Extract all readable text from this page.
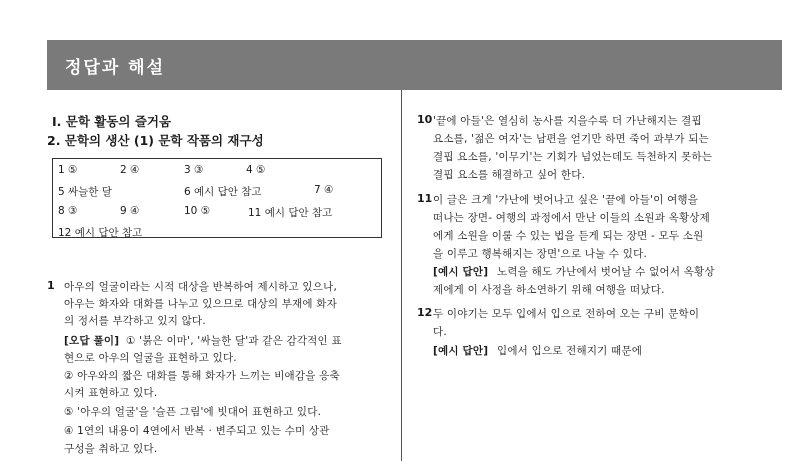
정답과 해설
Ⅰ. 문학 활동의 즐거움
2. 문학의 생산 (1) 문학 작품의 재구성
1 ⑤	2 ④	3 ③	4 ⑤
5 싸늘한 달	6 예시 답안 참고	7 ④
8 ③	9 ④	10 ⑤	11 예시 답안 참고
12 예시 답안 참고
1 아우의 얼굴이라는 시적 대상을 반복하여 제시하고 있으나,
아우는 화자와 대화를 나누고 있으므로 대상의 부재에 화자
의 정서를 부각하고 있지 않다.
[오답 풀이] ① '붉은 이마', '싸늘한 달'과 같은 감각적인 표
현으로 아우의 얼굴을 표현하고 있다.
② 아우와의 짧은 대화를 통해 화자가 느끼는 비애감을 응축
시켜 표현하고 있다.
⑤ '아우의 얼굴'을 '슬픈 그림'에 빗대어 표현하고 있다.
④ 1연의 내용이 4연에서 반복 · 변주되고 있는 수미 상관
구성을 취하고 있다.
10 '끝에 아들'은 열심히 농사를 지을수록 더 가난해지는 결핍
요소를, '젊은 여자'는 남편을 얻기만 하면 죽어 과부가 되는
결핍 요소를, '이무기'는 기회가 넘었는데도 득천하지 못하는
결핍 요소를 해결하고 싶어 한다.
11 이 글은 크게 '가난에 벗어나고 싶은 '끝에 아들'이 여행을
떠나는 장면- 여행의 과정에서 만난 이들의 소원과 옥황상제
에게 소원을 이룰 수 있는 법을 듣게 되는 장면 - 모두 소원
을 이루고 행복해지는 장면'으로 나눌 수 있다.
[예시 답안] 노력을 해도 가난에서 벗어날 수 없어서 옥황상
제에게 이 사정을 하소연하기 위해 여행을 떠났다.
12 두 이야기는 모두 입에서 입으로 전하여 오는 구비 문학이
다.
[예시 답안] 입에서 입으로 전해지기 때문에
